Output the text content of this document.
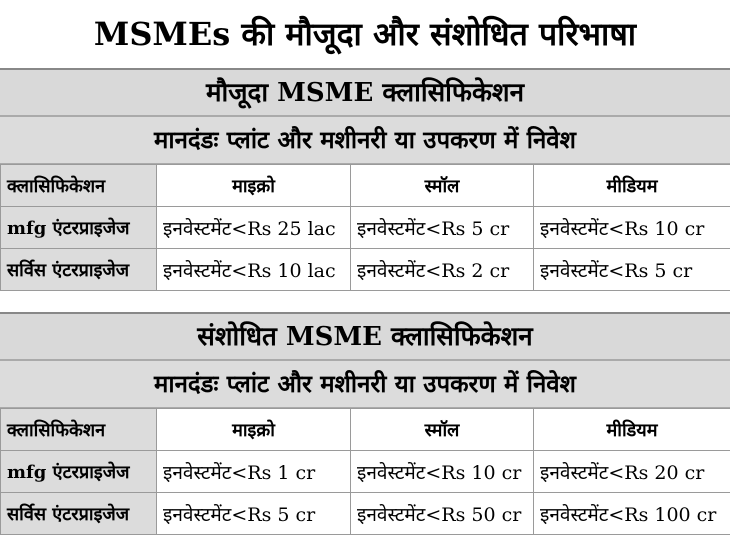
MSMEs की मौजूदा और संशोधित परिभाषा
मौजूदा MSME क्लासिफिकेशन
मानदंडः प्लांट और मशीनरी या उपकरण में निवेश
क्लासिफिकेशन	माइक्रो	स्मॉल	मीडियम
mfg एंटरप्राइजेज	इनवेस्टमेंट<Rs 25 lac	इनवेस्टमेंट<Rs 5 cr	इनवेस्टमेंट<Rs 10 cr
सर्विस एंटरप्राइजेज	इनवेस्टमेंट<Rs 10 lac	इनवेस्टमेंट<Rs 2 cr	इनवेस्टमेंट<Rs 5 cr
संशोधित MSME क्लासिफिकेशन
मानदंडः प्लांट और मशीनरी या उपकरण में निवेश
क्लासिफिकेशन	माइक्रो	स्मॉल	मीडियम
mfg एंटरप्राइजेज	इनवेस्टमेंट<Rs 1 cr	इनवेस्टमेंट<Rs 10 cr	इनवेस्टमेंट<Rs 20 cr
सर्विस एंटरप्राइजेज	इनवेस्टमेंट<Rs 5 cr	इनवेस्टमेंट<Rs 50 cr	इनवेस्टमेंट<Rs 100 cr
